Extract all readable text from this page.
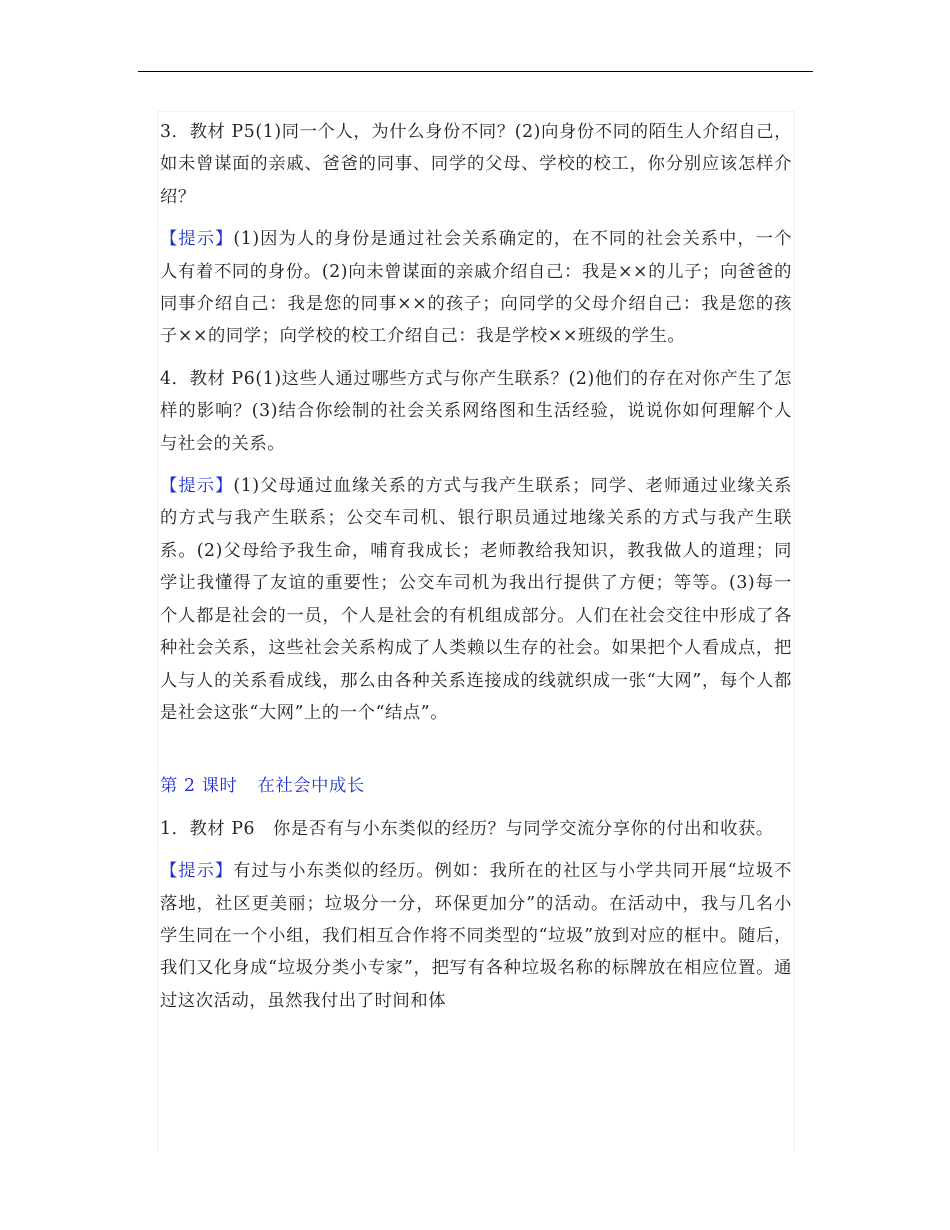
3．教材 P5(1)同一个人，为什么身份不同？(2)向身份不同的陌生人介绍自己，如未曾谋面的亲戚、爸爸的同事、同学的父母、学校的校工，你分别应该怎样介绍？

【提示】(1)因为人的身份是通过社会关系确定的，在不同的社会关系中，一个人有着不同的身份。(2)向未曾谋面的亲戚介绍自己：我是××的儿子；向爸爸的同事介绍自己：我是您的同事××的孩子；向同学的父母介绍自己：我是您的孩子××的同学；向学校的校工介绍自己：我是学校××班级的学生。

4．教材 P6(1)这些人通过哪些方式与你产生联系？(2)他们的存在对你产生了怎样的影响？(3)结合你绘制的社会关系网络图和生活经验，说说你如何理解个人与社会的关系。

【提示】(1)父母通过血缘关系的方式与我产生联系；同学、老师通过业缘关系的方式与我产生联系；公交车司机、银行职员通过地缘关系的方式与我产生联系。(2)父母给予我生命，哺育我成长；老师教给我知识，教我做人的道理；同学让我懂得了友谊的重要性；公交车司机为我出行提供了方便；等等。(3)每一个人都是社会的一员，个人是社会的有机组成部分。人们在社会交往中形成了各种社会关系，这些社会关系构成了人类赖以生存的社会。如果把个人看成点，把人与人的关系看成线，那么由各种关系连接成的线就织成一张“大网”，每个人都是社会这张“大网”上的一个“结点”。

第 2 课时 在社会中成长

1．教材 P6　你是否有与小东类似的经历？与同学交流分享你的付出和收获。

【提示】有过与小东类似的经历。例如：我所在的社区与小学共同开展“垃圾不落地，社区更美丽；垃圾分一分，环保更加分”的活动。在活动中，我与几名小学生同在一个小组，我们相互合作将不同类型的“垃圾”放到对应的框中。随后，我们又化身成“垃圾分类小专家”，把写有各种垃圾名称的标牌放在相应位置。通过这次活动，虽然我付出了时间和体
